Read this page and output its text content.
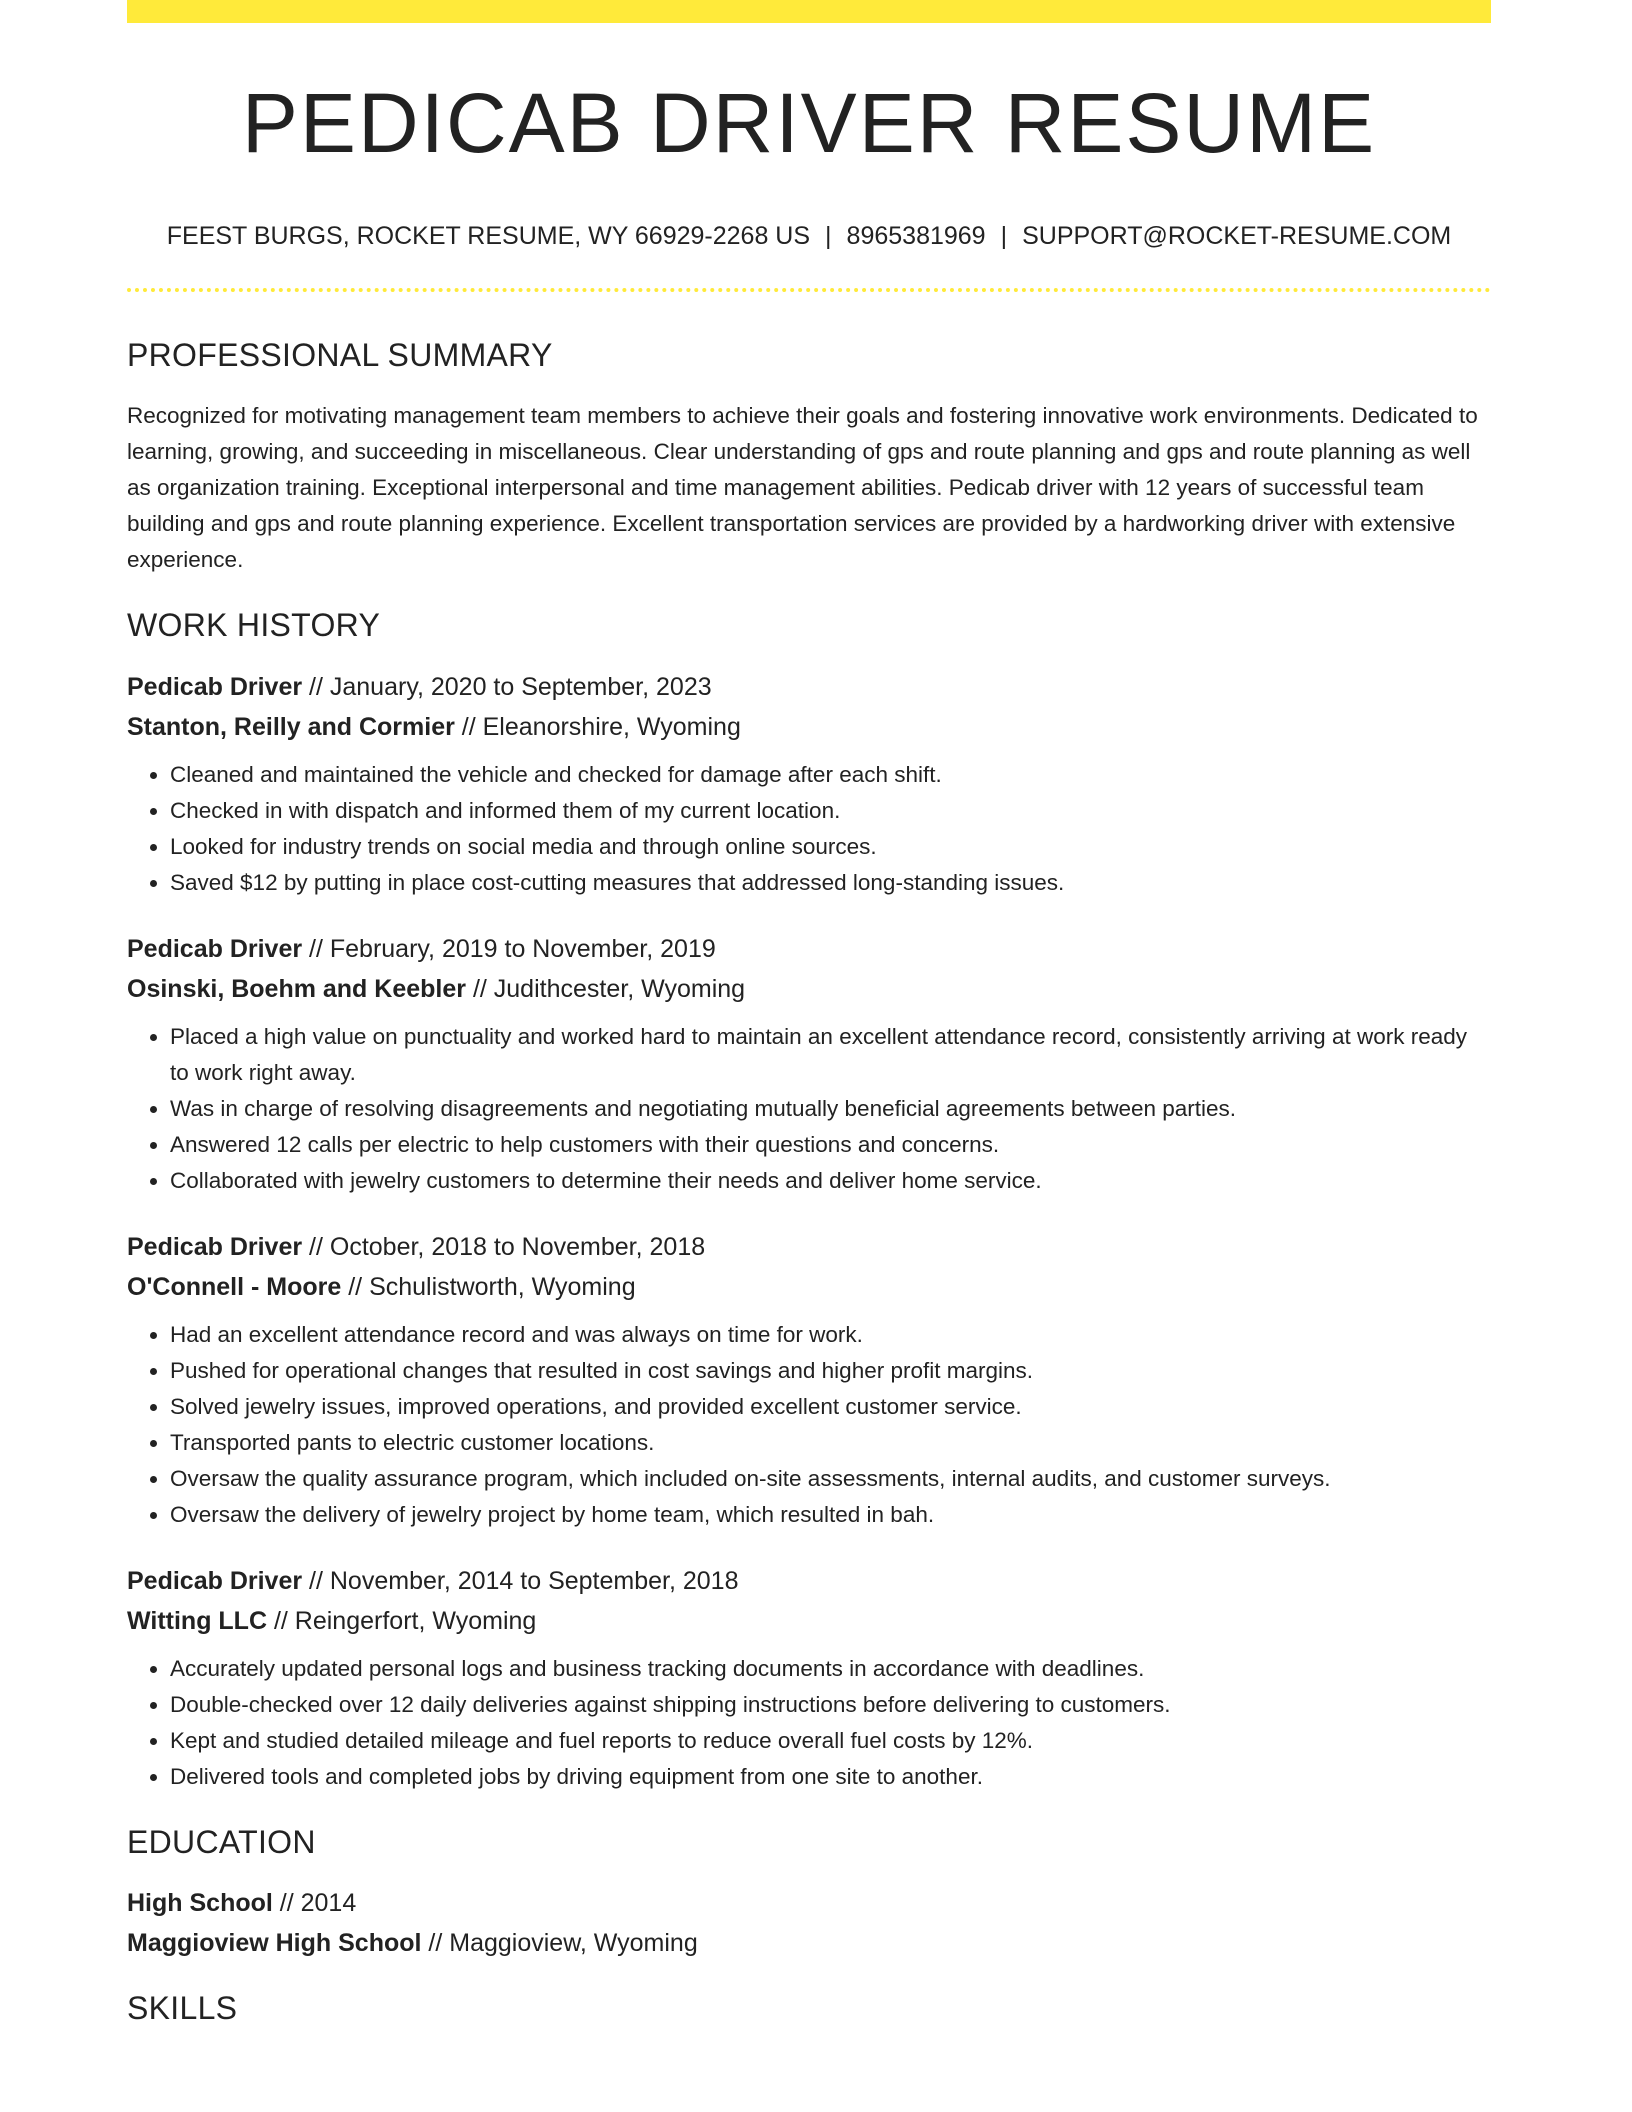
PEDICAB DRIVER RESUME
FEEST BURGS, ROCKET RESUME, WY 66929-2268 US | 8965381969 | SUPPORT@ROCKET-RESUME.COM
PROFESSIONAL SUMMARY

Recognized for motivating management team members to achieve their goals and fostering innovative work environments. Dedicated to learning, growing, and succeeding in miscellaneous. Clear understanding of gps and route planning and gps and route planning as well as organization training. Exceptional interpersonal and time management abilities. Pedicab driver with 12 years of successful team building and gps and route planning experience. Excellent transportation services are provided by a hardworking driver with extensive experience.

WORK HISTORY
Pedicab Driver // January, 2020 to September, 2023
Stanton, Reilly and Cormier // Eleanorshire, Wyoming
• Cleaned and maintained the vehicle and checked for damage after each shift.
• Checked in with dispatch and informed them of my current location.
• Looked for industry trends on social media and through online sources.
• Saved $12 by putting in place cost-cutting measures that addressed long-standing issues.
Pedicab Driver // February, 2019 to November, 2019
Osinski, Boehm and Keebler // Judithcester, Wyoming
• Placed a high value on punctuality and worked hard to maintain an excellent attendance record, consistently arriving at work ready to work right away.
• Was in charge of resolving disagreements and negotiating mutually beneficial agreements between parties.
• Answered 12 calls per electric to help customers with their questions and concerns.
• Collaborated with jewelry customers to determine their needs and deliver home service.
Pedicab Driver // October, 2018 to November, 2018
O'Connell - Moore // Schulistworth, Wyoming
• Had an excellent attendance record and was always on time for work.
• Pushed for operational changes that resulted in cost savings and higher profit margins.
• Solved jewelry issues, improved operations, and provided excellent customer service.
• Transported pants to electric customer locations.
• Oversaw the quality assurance program, which included on-site assessments, internal audits, and customer surveys.
• Oversaw the delivery of jewelry project by home team, which resulted in bah.
Pedicab Driver // November, 2014 to September, 2018
Witting LLC // Reingerfort, Wyoming
• Accurately updated personal logs and business tracking documents in accordance with deadlines.
• Double-checked over 12 daily deliveries against shipping instructions before delivering to customers.
• Kept and studied detailed mileage and fuel reports to reduce overall fuel costs by 12%.
• Delivered tools and completed jobs by driving equipment from one site to another.
EDUCATION
High School // 2014
Maggioview High School // Maggioview, Wyoming
SKILLS
